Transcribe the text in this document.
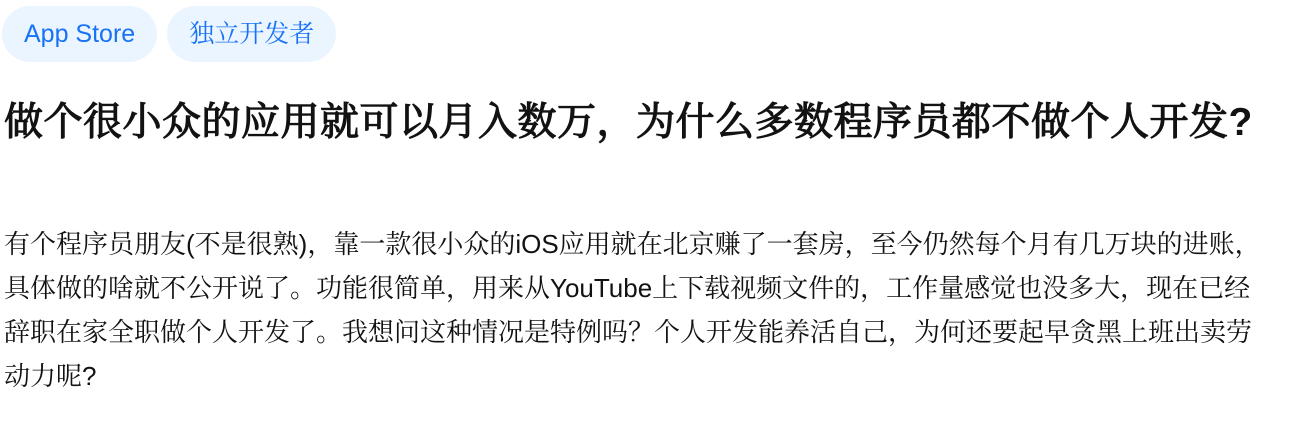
App Store	独立开发者
做个很小众的应用就可以月入数万，为什么多数程序员都不做个人开发?

有个程序员朋友(不是很熟)，靠一款很小众的iOS应用就在北京赚了一套房，至今仍然每个月有几万块的进账，具体做的啥就不公开说了。功能很简单，用来从YouTube上下载视频文件的，工作量感觉也没多大，现在已经辞职在家全职做个人开发了。我想问这种情况是特例吗？个人开发能养活自己，为何还要起早贪黑上班出卖劳动力呢?
